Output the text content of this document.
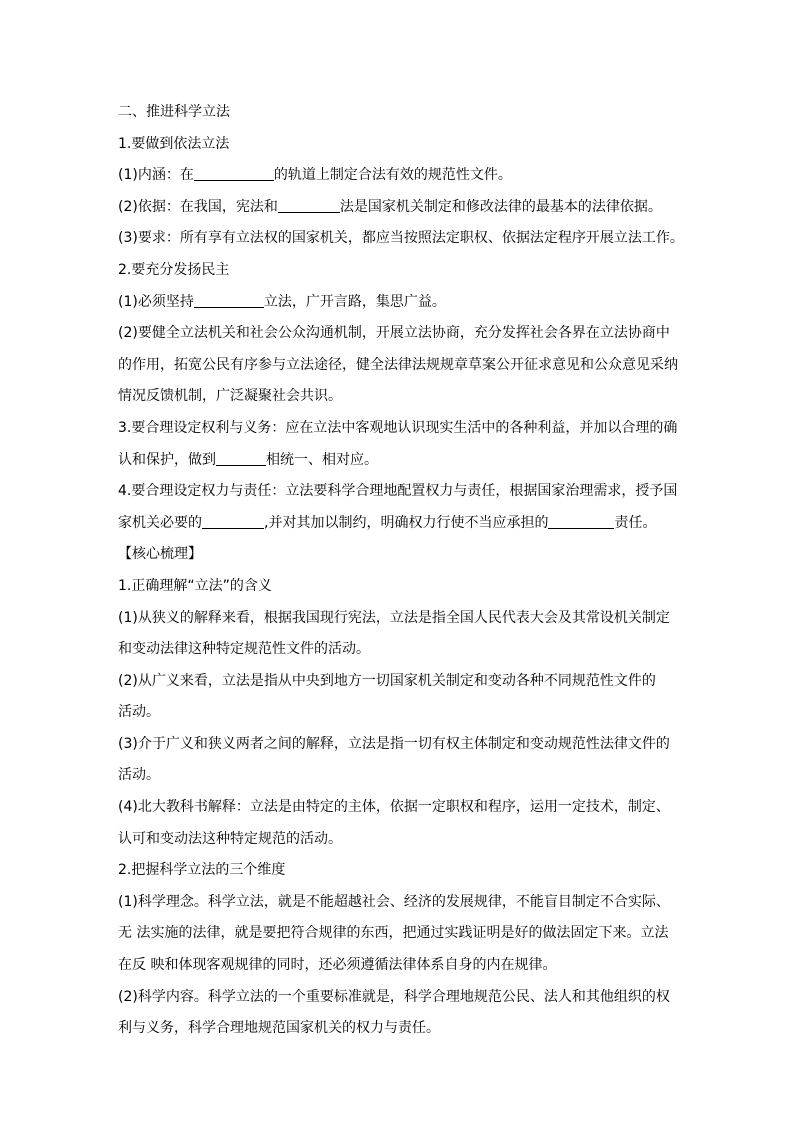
二、推进科学立法

1.要做到依法立法

(1)内涵：在	的轨道上制定合法有效的规范性文件。

(2)依据：在我国，宪法和	法是国家机关制定和修改法律的最基本的法律依据。

(3)要求：所有享有立法权的国家机关，都应当按照法定职权、依据法定程序开展立法工作。

2.要充分发扬民主

(1)必须坚持	立法，广开言路，集思广益。

(2)要健全立法机关和社会公众沟通机制，开展立法协商，充分发挥社会各界在立法协商中

的作用，拓宽公民有序参与立法途径，健全法律法规规章草案公开征求意见和公众意见采纳

情况反馈机制，广泛凝聚社会共识。

3.要合理设定权利与义务：应在立法中客观地认识现实生活中的各种利益，并加以合理的确

认和保护，做到	相统一、相对应。

4.要合理设定权力与责任：立法要科学合理地配置权力与责任，根据国家治理需求，授予国

家机关必要的	,并对其加以制约，明确权力行使不当应承担的	责任。

【核心梳理】

1.正确理解“立法”的含义

(1)从狭义的解释来看，根据我国现行宪法，立法是指全国人民代表大会及其常设机关制定

和变动法律这种特定规范性文件的活动。

(2)从广义来看，立法是指从中央到地方一切国家机关制定和变动各种不同规范性文件的

活动。

(3)介于广义和狭义两者之间的解释，立法是指一切有权主体制定和变动规范性法律文件的

活动。

(4)北大教科书解释：立法是由特定的主体，依据一定职权和程序，运用一定技术，制定、

认可和变动法这种特定规范的活动。

2.把握科学立法的三个维度

(1)科学理念。科学立法，就是不能超越社会、经济的发展规律，不能盲目制定不合实际、

无 法实施的法律，就是要把符合规律的东西，把通过实践证明是好的做法固定下来。立法

在反 映和体现客观规律的同时，还必须遵循法律体系自身的内在规律。

(2)科学内容。科学立法的一个重要标准就是，科学合理地规范公民、法人和其他组织的权

利与义务，科学合理地规范国家机关的权力与责任。
